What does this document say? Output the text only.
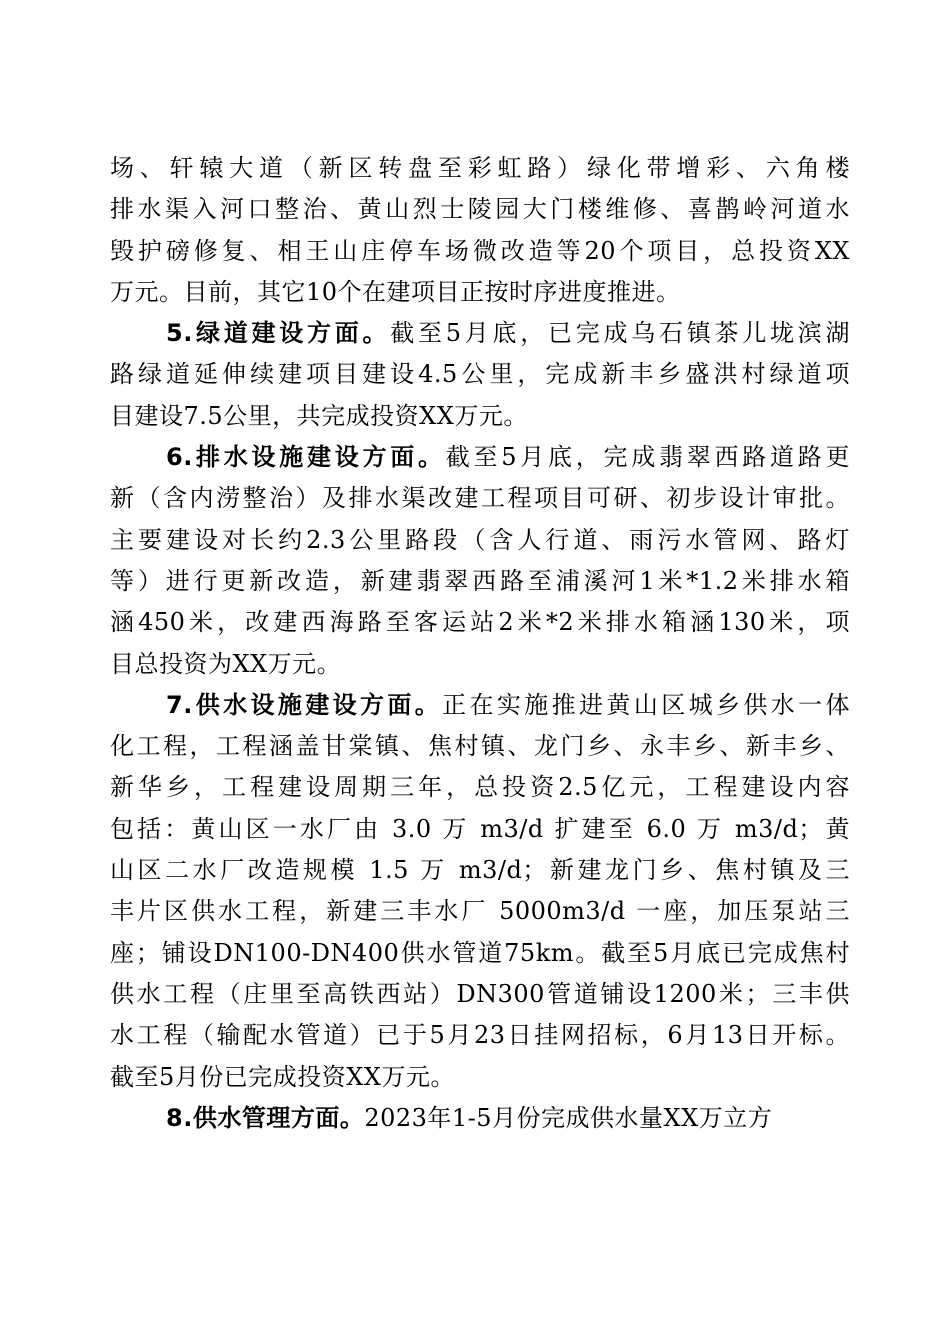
场、轩辕大道（新区转盘至彩虹路）绿化带增彩、六角楼
排水渠入河口整治、黄山烈士陵园大门楼维修、喜鹊岭河道水
毁护磅修复、相王山庄停车场微改造等20个项目，总投资XX
万元。目前，其它10个在建项目正按时序进度推进。
5.绿道建设方面。截至5月底，已完成乌石镇茶儿垅滨湖
路绿道延伸续建项目建设4.5公里，完成新丰乡盛洪村绿道项
目建设7.5公里，共完成投资XX万元。
6.排水设施建设方面。截至5月底，完成翡翠西路道路更
新（含内涝整治）及排水渠改建工程项目可研、初步设计审批。
主要建设对长约2.3公里路段（含人行道、雨污水管网、路灯
等）进行更新改造，新建翡翠西路至浦溪河1米*1.2米排水箱
涵450米，改建西海路至客运站2米*2米排水箱涵130米，项
目总投资为XX万元。
7.供水设施建设方面。正在实施推进黄山区城乡供水一体
化工程，工程涵盖甘棠镇、焦村镇、龙门乡、永丰乡、新丰乡、
新华乡，工程建设周期三年，总投资2.5亿元，工程建设内容
包括：黄山区一水厂由 3.0 万 m3/d 扩建至 6.0 万 m3/d；黄
山区二水厂改造规模 1.5 万 m3/d；新建龙门乡、焦村镇及三
丰片区供水工程，新建三丰水厂 5000m3/d 一座，加压泵站三
座；铺设DN100-DN400供水管道75km。截至5月底已完成焦村
供水工程（庄里至高铁西站）DN300管道铺设1200米；三丰供
水工程（输配水管道）已于5月23日挂网招标，6月13日开标。
截至5月份已完成投资XX万元。
8.供水管理方面。2023年1-5月份完成供水量XX万立方
